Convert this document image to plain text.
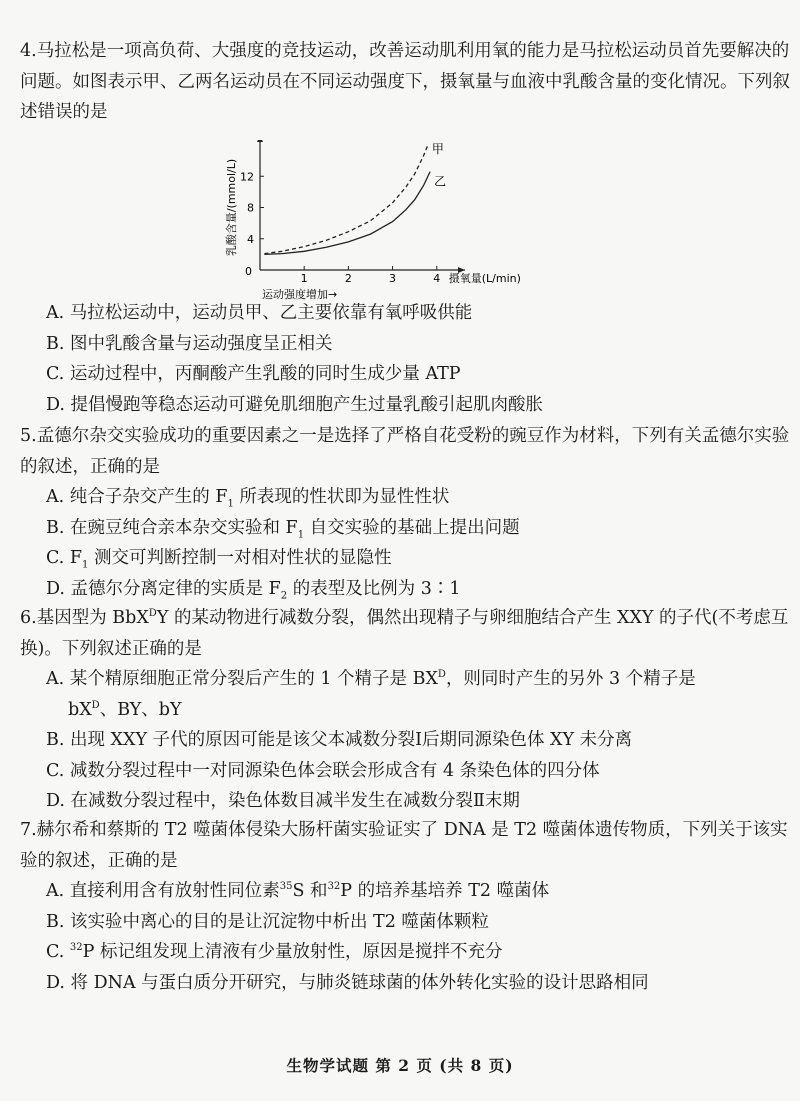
4.马拉松是一项高负荷、大强度的竞技运动，改善运动肌利用氧的能力是马拉松运动员首先要解决的问题。如图表示甲、乙两名运动员在不同运动强度下，摄氧量与血液中乳酸含量的变化情况。下列叙述错误的是

0
1	2	3	4
4
8
12
摄氧量(L/min)
运动强度增加→
乳酸含量/(mmol/L)
甲
乙

A. 马拉松运动中，运动员甲、乙主要依靠有氧呼吸供能

B. 图中乳酸含量与运动强度呈正相关

C. 运动过程中，丙酮酸产生乳酸的同时生成少量 ATP

D. 提倡慢跑等稳态运动可避免肌细胞产生过量乳酸引起肌肉酸胀

5.孟德尔杂交实验成功的重要因素之一是选择了严格自花受粉的豌豆作为材料，下列有关孟德尔实验的叙述，正确的是

A. 纯合子杂交产生的 $F_1$ 所表现的性状即为显性性状

B. 在豌豆纯合亲本杂交实验和 $F_1$ 自交实验的基础上提出问题

C. $F_1$ 测交可判断控制一对相对性状的显隐性

D. 孟德尔分离定律的实质是 $F_2$ 的表型及比例为 3∶1

6.基因型为 BbX$^D$Y 的某动物进行减数分裂，偶然出现精子与卵细胞结合产生 XXY 的子代(不考虑互换)。下列叙述正确的是

A. 某个精原细胞正常分裂后产生的 1 个精子是 $BX^D$，则同时产生的另外 3 个精子是

$bX^D$、BY、bY

B. 出现 XXY 子代的原因可能是该父本减数分裂Ⅰ后期同源染色体 XY 未分离

C. 减数分裂过程中一对同源染色体会联会形成含有 4 条染色体的四分体

D. 在减数分裂过程中，染色体数目减半发生在减数分裂Ⅱ末期

7.赫尔希和蔡斯的 T2 噬菌体侵染大肠杆菌实验证实了 DNA 是 T2 噬菌体遗传物质，下列关于该实验的叙述，正确的是

A. 直接利用含有放射性同位素$^{35}$S 和$^{32}$P 的培养基培养 T2 噬菌体

B. 该实验中离心的目的是让沉淀物中析出 T2 噬菌体颗粒

C. $^{32}$P 标记组发现上清液有少量放射性，原因是搅拌不充分

D. 将 DNA 与蛋白质分开研究，与肺炎链球菌的体外转化实验的设计思路相同

生物学试题 第 2 页 (共 8 页)
